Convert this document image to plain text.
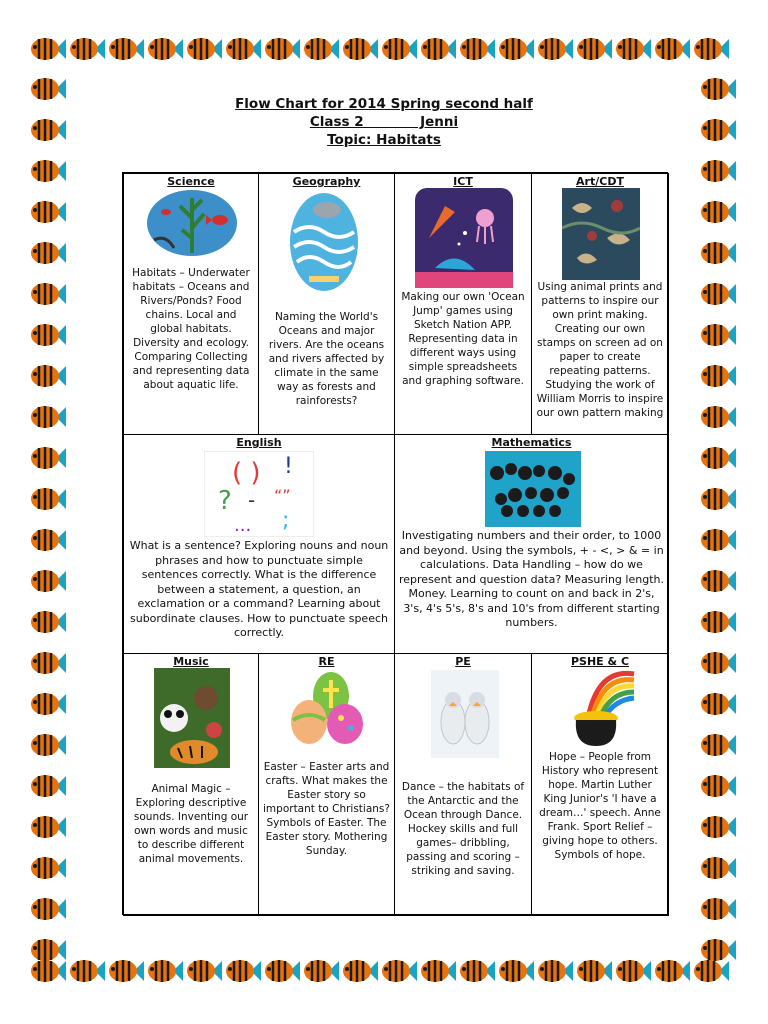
Flow Chart for 2014 Spring second half
Class 2            Jenni
Topic: Habitats
Science
Habitats – Underwater habitats – Oceans and Rivers/Ponds? Food chains. Local and global habitats. Diversity and ecology. Comparing Collecting and representing data about aquatic life.
Geography
Naming the World's Oceans and major rivers. Are the oceans and rivers affected by climate in the same way as forests and rainforests?
ICT
Making our own 'Ocean Jump' games using Sketch Nation APP. Representing data in different ways using simple spreadsheets and graphing software.
Art/CDT
Using animal prints and patterns to inspire our own print making. Creating our own stamps on screen ad on paper to create repeating patterns. Studying the work of William Morris to inspire our own pattern making
English
( ) !
? - “”
;
...
What is a sentence? Exploring nouns and noun phrases and how to punctuate simple sentences correctly. What is the difference between a statement, a question, an exclamation or a command? Learning about subordinate clauses. How to punctuate speech correctly.
Mathematics
Investigating numbers and their order, to 1000 and beyond. Using the symbols, + - <, > & = in calculations. Data Handling – how do we represent and question data? Measuring length. Money. Learning to count on and back in 2's, 3's, 4's 5's, 8's and 10's from different starting numbers.
Music
Animal Magic – Exploring descriptive sounds. Inventing our own words and music to describe different animal movements.
RE
Easter – Easter arts and crafts. What makes the Easter story so important to Christians? Symbols of Easter. The Easter story. Mothering Sunday.
PE
Dance – the habitats of the Antarctic and the Ocean through Dance. Hockey skills and full games– dribbling, passing and scoring – striking and saving.
PSHE & C
Hope – People from History who represent hope. Martin Luther King Junior's 'I have a dream…' speech. Anne Frank. Sport Relief – giving hope to others. Symbols of hope.
